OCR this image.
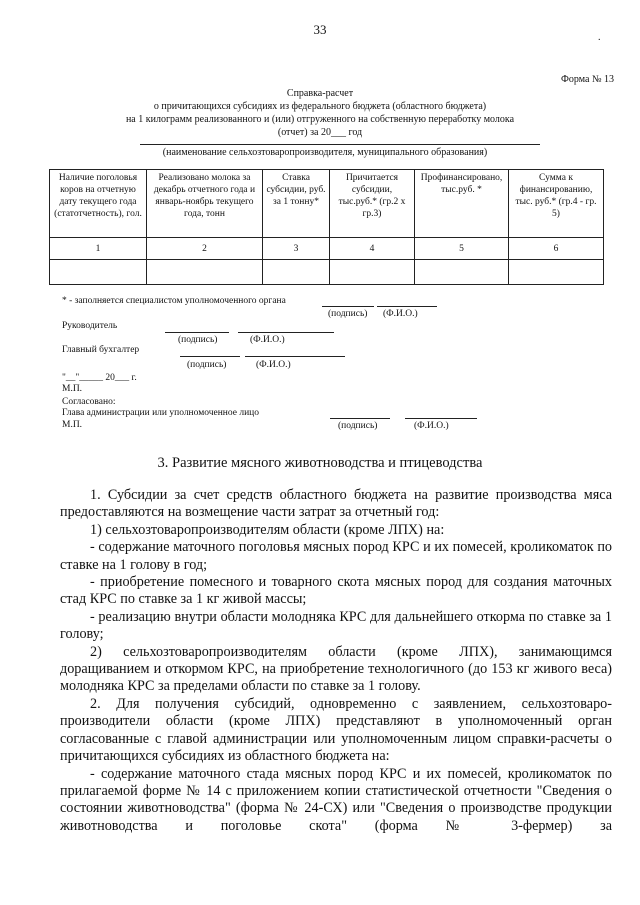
33
.
Форма № 13
Справка-расчет
о причитающихся субсидиях из федерального бюджета (областного бюджета)
на 1 килограмм реализованного и (или) отгруженного на собственную переработку молока
(отчет) за 20___ год
(наименование сельхозтоваропроизводителя, муниципального образования)
Наличие поголовья коров на отчетную дату текущего года (статотчетность), гол.	Реализовано молока за декабрь отчетного года и январь-ноябрь текущего года, тонн	Ставка субсидии, руб. за 1 тонну*	Причитается субсидии, тыс.руб.* (гр.2 х гр.3)	Профинансировано, тыс.руб. *	Сумма к финансированию, тыс. руб.* (гр.4 - гр. 5)
1	2	3	4	5	6

* - заполняется специалистом уполномоченного органа
(подпись) (Ф.И.О.)
Руководитель
(подпись)	(Ф.И.О.)
Главный бухгалтер
(подпись)	(Ф.И.О.)
"__"_____ 20___ г.
М.П.
Согласовано:
Глава администрации или уполномоченное лицо
М.П.	(подпись)	(Ф.И.О.)
3. Развитие мясного животноводства и птицеводства

1. Субсидии за счет средств областного бюджета на развитие производства мяса предоставляются на возмещение части затрат за отчетный год:

1) сельхозтоваропроизводителям области (кроме ЛПХ) на:

- содержание маточного поголовья мясных пород КРС и их помесей, кроликоматок по ставке на 1 голову в год;

- приобретение помесного и товарного скота мясных пород для создания маточных стад КРС по ставке за 1 кг живой массы;

- реализацию внутри области молодняка КРС для дальнейшего откорма по ставке за 1 голову;

2) сельхозтоваропроизводителям области (кроме ЛПХ), занимающимся доращиванием и откормом КРС, на приобретение технологичного (до 153 кг живого веса) молодняка КРС за пределами области по ставке за 1 голову.

2. Для получения субсидий, одновременно с заявлением, сельхозтоваро-производители области (кроме ЛПХ) представляют в уполномоченный орган согласованные с главой администрации или уполномоченным лицом справки-расчеты о причитающихся субсидиях из областного бюджета на:

- содержание маточного стада мясных пород КРС и их помесей, кроликоматок по прилагаемой форме № 14 с приложением копии статистической отчетности "Сведения о состоянии животноводства" (форма № 24-СХ) или "Сведения о производстве продукции животноводства и поголовье скота" (форма № 3-фермер) за
